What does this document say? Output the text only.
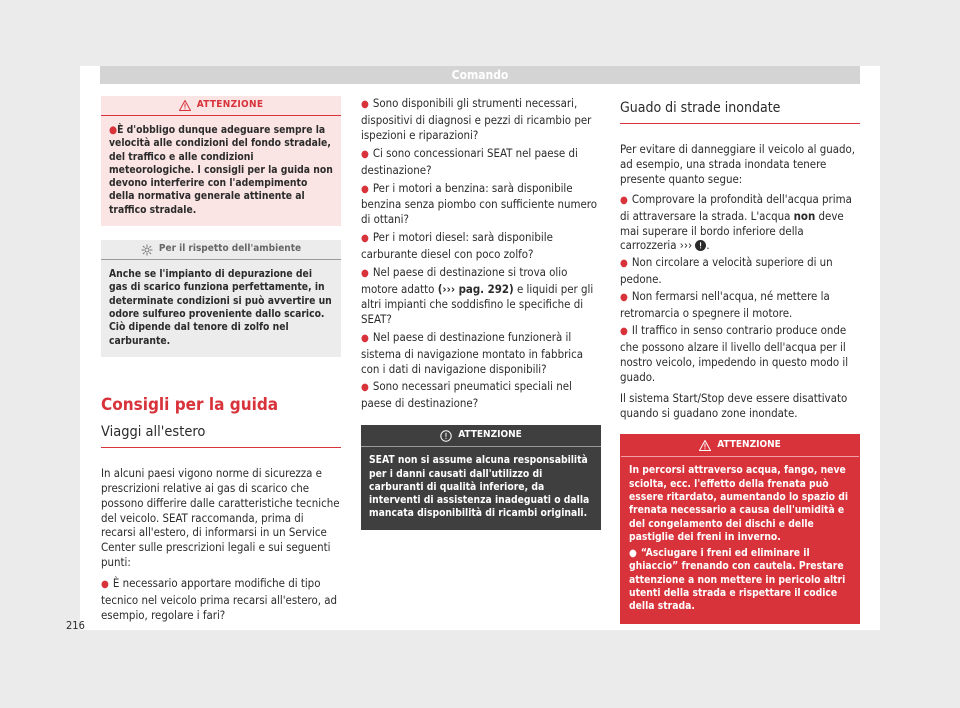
Comando
ATTENZIONE
●È d'obbligo dunque adeguare sempre la velocità alle condizioni del fondo stradale, del traffico e alle condizioni meteorologiche. I consigli per la guida non devono interferire con l'adempimento della normativa generale attinente al traffico stradale.
Per il rispetto dell'ambiente
Anche se l'impianto di depurazione dei gas di scarico funziona perfettamente, in determinate condizioni si può avvertire un odore sulfureo proveniente dallo scarico. Ciò dipende dal tenore di zolfo nel carburante.
Consigli per la guida
Viaggi all'estero
In alcuni paesi vigono norme di sicurezza e prescrizioni relative ai gas di scarico che possono differire dalle caratteristiche tecniche del veicolo. SEAT raccomanda, prima di recarsi all'estero, di informarsi in un Service Center sulle prescrizioni legali e sui seguenti punti:
● È necessario apportare modifiche di tipo tecnico nel veicolo prima recarsi all'estero, ad esempio, regolare i fari?
● Sono disponibili gli strumenti necessari, dispositivi di diagnosi e pezzi di ricambio per ispezioni e riparazioni?
● Ci sono concessionari SEAT nel paese di destinazione?
● Per i motori a benzina: sarà disponibile benzina senza piombo con sufficiente numero di ottani?
● Per i motori diesel: sarà disponibile carburante diesel con poco zolfo?
● Nel paese di destinazione si trova olio motore adatto (››› pag. 292) e liquidi per gli altri impianti che soddisfino le specifiche di SEAT?
● Nel paese di destinazione funzionerà il sistema di navigazione montato in fabbrica con i dati di navigazione disponibili?
● Sono necessari pneumatici speciali nel paese di destinazione?
ATTENZIONE
SEAT non si assume alcuna responsabilità per i danni causati dall'utilizzo di carburanti di qualità inferiore, da interventi di assistenza inadeguati o dalla mancata disponibilità di ricambi originali.
Guado di strade inondate
Per evitare di danneggiare il veicolo al guado, ad esempio, una strada inondata tenere presente quanto segue:
● Comprovare la profondità dell'acqua prima di attraversare la strada. L'acqua non deve mai superare il bordo inferiore della carrozzeria ››› .
● Non circolare a velocità superiore di un pedone.
● Non fermarsi nell'acqua, né mettere la retromarcia o spegnere il motore.
● Il traffico in senso contrario produce onde che possono alzare il livello dell'acqua per il nostro veicolo, impedendo in questo modo il guado.
Il sistema Start/Stop deve essere disattivato quando si guadano zone inondate.
ATTENZIONE
In percorsi attraverso acqua, fango, neve sciolta, ecc. l'effetto della frenata può essere ritardato, aumentando lo spazio di frenata necessario a causa dell'umidità e del congelamento dei dischi e delle pastiglie dei freni in inverno.
● “Asciugare i freni ed eliminare il ghiaccio” frenando con cautela. Prestare attenzione a non mettere in pericolo altri utenti della strada e rispettare il codice della strada.
216
